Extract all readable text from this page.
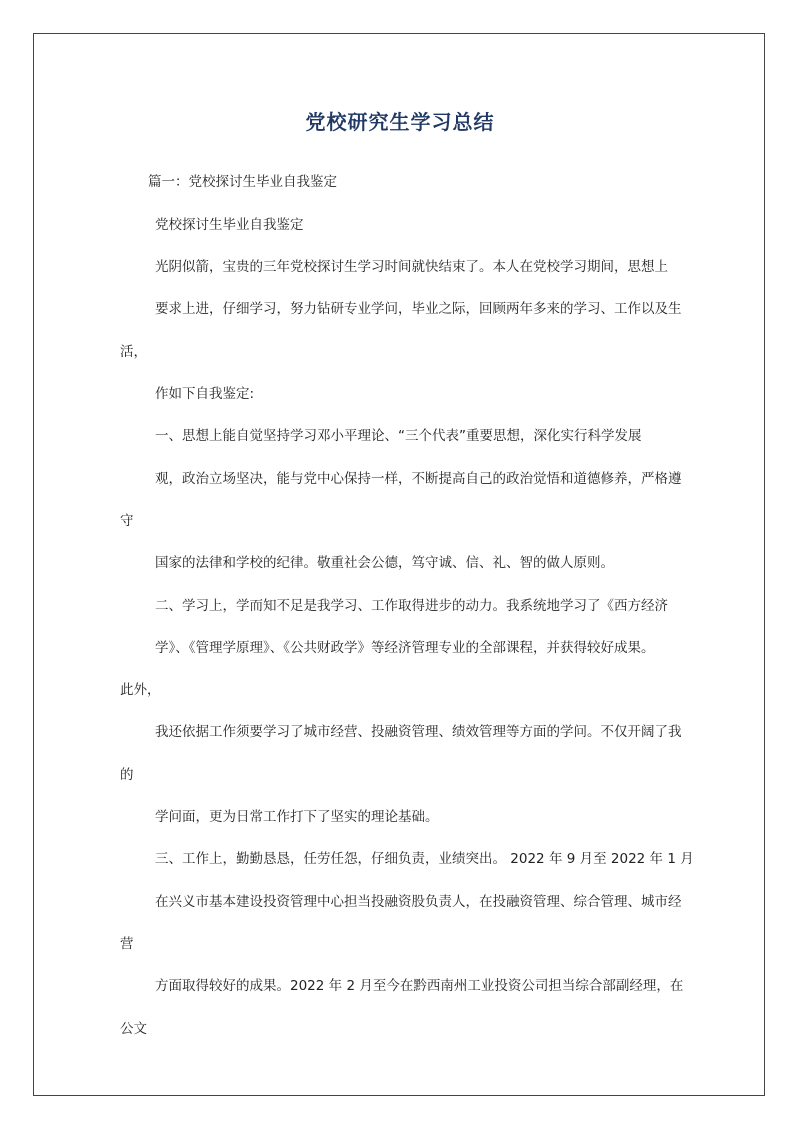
党校研究生学习总结
篇一：党校探讨生毕业自我鉴定
党校探讨生毕业自我鉴定
光阴似箭，宝贵的三年党校探讨生学习时间就快结束了。本人在党校学习期间，思想上
要求上进，仔细学习，努力钻研专业学问，毕业之际，回顾两年多来的学习、工作以及生
活，
作如下自我鉴定:
一、思想上能自觉坚持学习邓小平理论、“三个代表”重要思想，深化实行科学发展
观，政治立场坚决，能与党中心保持一样，不断提高自己的政治觉悟和道德修养，严格遵
守
国家的法律和学校的纪律。敬重社会公德，笃守诚、信、礼、智的做人原则。
二、学习上，学而知不足是我学习、工作取得进步的动力。我系统地学习了《西方经济
学》、《管理学原理》、《公共财政学》等经济管理专业的全部课程，并获得较好成果。
此外，
我还依据工作须要学习了城市经营、投融资管理、绩效管理等方面的学问。不仅开阔了我
的
学问面，更为日常工作打下了坚实的理论基础。
三、工作上，勤勤恳恳，任劳任怨，仔细负责，业绩突出。 2022 年 9 月至 2022 年 1 月
在兴义市基本建设投资管理中心担当投融资股负责人，在投融资管理、综合管理、城市经
营
方面取得较好的成果。2022 年 2 月至今在黔西南州工业投资公司担当综合部副经理，在
公文
